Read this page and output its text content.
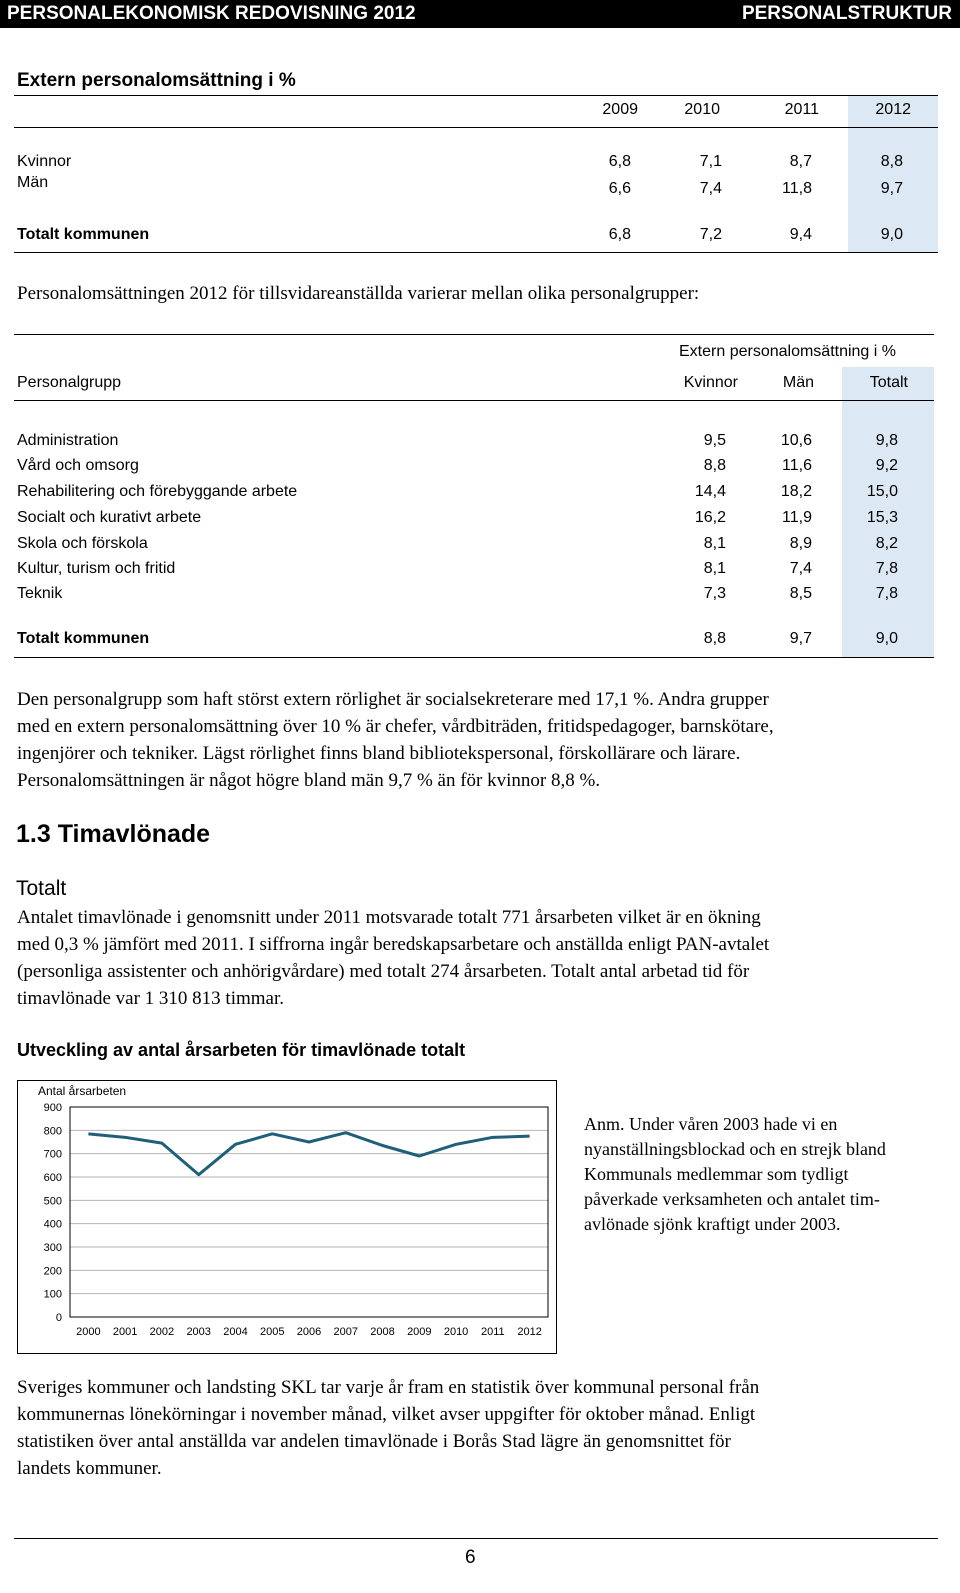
PERSONALEKONOMISK REDOVISNING 2012	PERSONALSTRUKTUR
Extern personalomsättning i %
2009	2010	2011	2012
Kvinnor	6,8	7,1	8,7	8,8
Män	6,6	7,4	11,8	9,7
Totalt kommunen	6,8	7,2	9,4	9,0
Personalomsättningen 2012 för tillsvidareanställda varierar mellan olika personalgrupper:
Extern personalomsättning i %
Personalgrupp	Kvinnor	Män	Totalt
Administration	9,5	10,6	9,8
Vård och omsorg	8,8	11,6	9,2
Rehabilitering och förebyggande arbete	14,4	18,2	15,0
Socialt och kurativt arbete	16,2	11,9	15,3
Skola och förskola	8,1	8,9	8,2
Kultur, turism och fritid	8,1	7,4	7,8
Teknik	7,3	8,5	7,8
Totalt kommunen	8,8	9,7	9,0
Den personalgrupp som haft störst extern rörlighet är socialsekreterare med 17,1 %. Andra grupper
med en extern personalomsättning över 10 % är chefer, vårdbiträden, fritidspedagoger, barnskötare,
ingenjörer och tekniker. Lägst rörlighet finns bland bibliotekspersonal, förskollärare och lärare.
Personalomsättningen är något högre bland män 9,7 % än för kvinnor 8,8 %.
1.3 Timavlönade
Totalt
Antalet timavlönade i genomsnitt under 2011 motsvarade totalt 771 årsarbeten vilket är en ökning
med 0,3 % jämfört med 2011. I siffrorna ingår beredskapsarbetare och anställda enligt PAN-avtalet
(personliga assistenter och anhörigvårdare) med totalt 274 årsarbeten. Totalt antal arbetad tid för
timavlönade var 1 310 813 timmar.
Utveckling av antal årsarbeten för timavlönade totalt
Antal årsarbeten
0
100
200
300
400
500
600
700
800
900
2000 2001 2002 2003 2004 2005 2006 2007 2008 2009 2010 2011 2012
Anm. Under våren 2003 hade vi en
nyanställningsblockad och en strejk bland
Kommunals medlemmar som tydligt
påverkade verksamheten och antalet tim-
avlönade sjönk kraftigt under 2003.
Sveriges kommuner och landsting SKL tar varje år fram en statistik över kommunal personal från
kommunernas lönekörningar i november månad, vilket avser uppgifter för oktober månad. Enligt
statistiken över antal anställda var andelen timavlönade i Borås Stad lägre än genomsnittet för
landets kommuner.
6
